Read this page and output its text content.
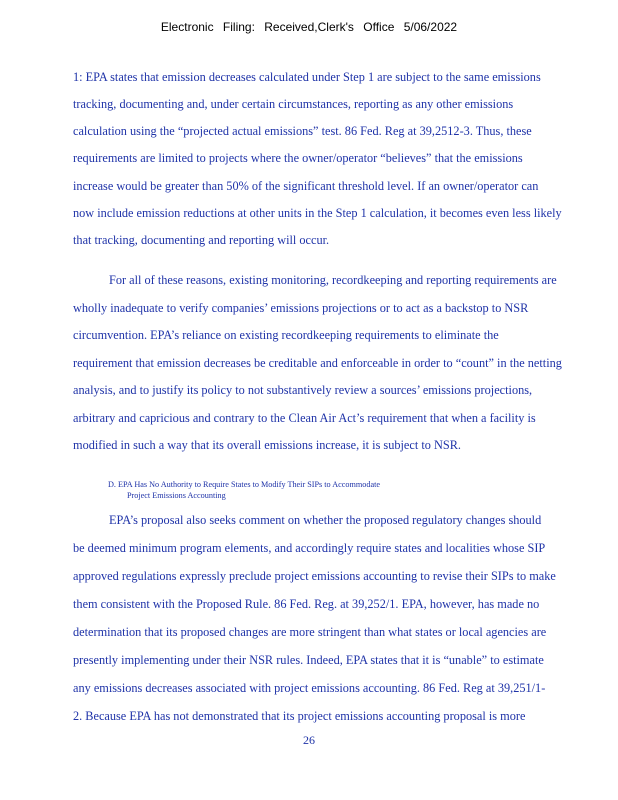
Electronic Filing: Received,Clerk's Office 5/06/2022
1: EPA states that emission decreases calculated under Step 1 are subject to the same emissions
tracking, documenting and, under certain circumstances, reporting as any other emissions
calculation using the “projected actual emissions” test. 86 Fed. Reg at 39,2512-3. Thus, these
requirements are limited to projects where the owner/operator “believes” that the emissions
increase would be greater than 50% of the significant threshold level. If an owner/operator can
now include emission reductions at other units in the Step 1 calculation, it becomes even less likely
that tracking, documenting and reporting will occur.
For all of these reasons, existing monitoring, recordkeeping and reporting requirements are
wholly inadequate to verify companies’ emissions projections or to act as a backstop to NSR
circumvention. EPA’s reliance on existing recordkeeping requirements to eliminate the
requirement that emission decreases be creditable and enforceable in order to “count” in the netting
analysis, and to justify its policy to not substantively review a sources’ emissions projections,
arbitrary and capricious and contrary to the Clean Air Act’s requirement that when a facility is
modified in such a way that its overall emissions increase, it is subject to NSR.
D. EPA Has No Authority to Require States to Modify Their SIPs to Accommodate
Project Emissions Accounting
EPA’s proposal also seeks comment on whether the proposed regulatory changes should
be deemed minimum program elements, and accordingly require states and localities whose SIP
approved regulations expressly preclude project emissions accounting to revise their SIPs to make
them consistent with the Proposed Rule. 86 Fed. Reg. at 39,252/1. EPA, however, has made no
determination that its proposed changes are more stringent than what states or local agencies are
presently implementing under their NSR rules. Indeed, EPA states that it is “unable” to estimate
any emissions decreases associated with project emissions accounting. 86 Fed. Reg at 39,251/1-
2. Because EPA has not demonstrated that its project emissions accounting proposal is more
26
